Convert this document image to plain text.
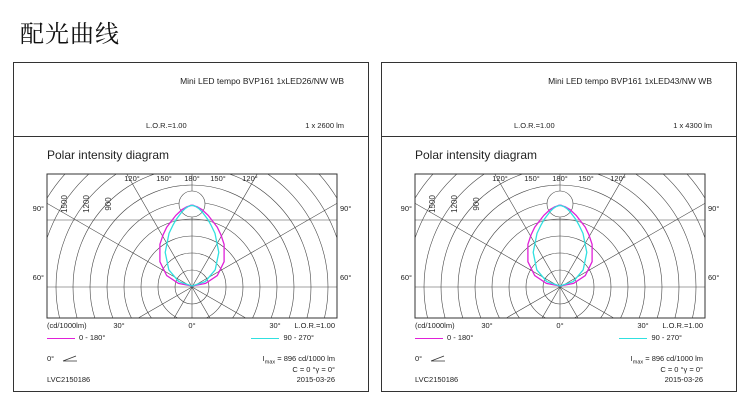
配光曲线
Mini LED tempo BVP161 1xLED26/NW WB
L.O.R.=1.00	1 x 2600 lm
Polar intensity diagram
1500 1200 900
120° 150° 180° 150° 120°
90°	90°
60°	60°
30°	0°	30°
(cd/1000lm)	L.O.R.=1.00
0 - 180°	90 - 270°
0°	$I_{max} = 896$ cd/1000 lm
C = 0 °γ = 0°
LVC2150186	2015-03-26
Mini LED tempo BVP161 1xLED43/NW WB
L.O.R.=1.00	1 x 4300 lm
Polar intensity diagram
1500 1200 900
120° 150° 180° 150° 120°
90°	90°
60°	60°
30°	0°	30°
(cd/1000lm)	L.O.R.=1.00
0 - 180°	90 - 270°
0°	$I_{max} = 896$ cd/1000 lm
C = 0 °γ = 0°
LVC2150186	2015-03-26
